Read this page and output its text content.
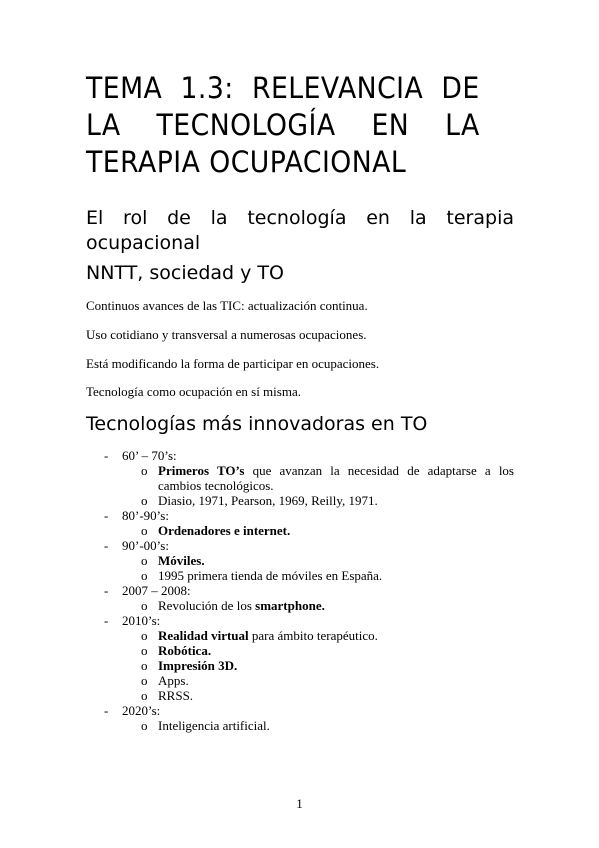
TEMA 1.3: RELEVANCIA DE
LA TECNOLOGÍA EN LA
TERAPIA OCUPACIONAL
El rol de la tecnología en la terapia
ocupacional
NNTT, sociedad y TO

Continuos avances de las TIC: actualización continua.

Uso cotidiano y transversal a numerosas ocupaciones.

Está modificando la forma de participar en ocupaciones.

Tecnología como ocupación en sí misma.

Tecnologías más innovadoras en TO
- 60’ – 70’s:
o Primeros TO’s que avanzan la necesidad de adaptarse a los cambios tecnológicos.
o Diasio, 1971, Pearson, 1969, Reilly, 1971.
- 80’-90’s:
o Ordenadores e internet.
- 90’-00’s:
o Móviles.
o 1995 primera tienda de móviles en España.
- 2007 – 2008:
o Revolución de los smartphone.
- 2010’s:
o Realidad virtual para ámbito terapéutico.
o Robótica.
o Impresión 3D.
o Apps.
o RRSS.
- 2020’s:
o Inteligencia artificial.
1
